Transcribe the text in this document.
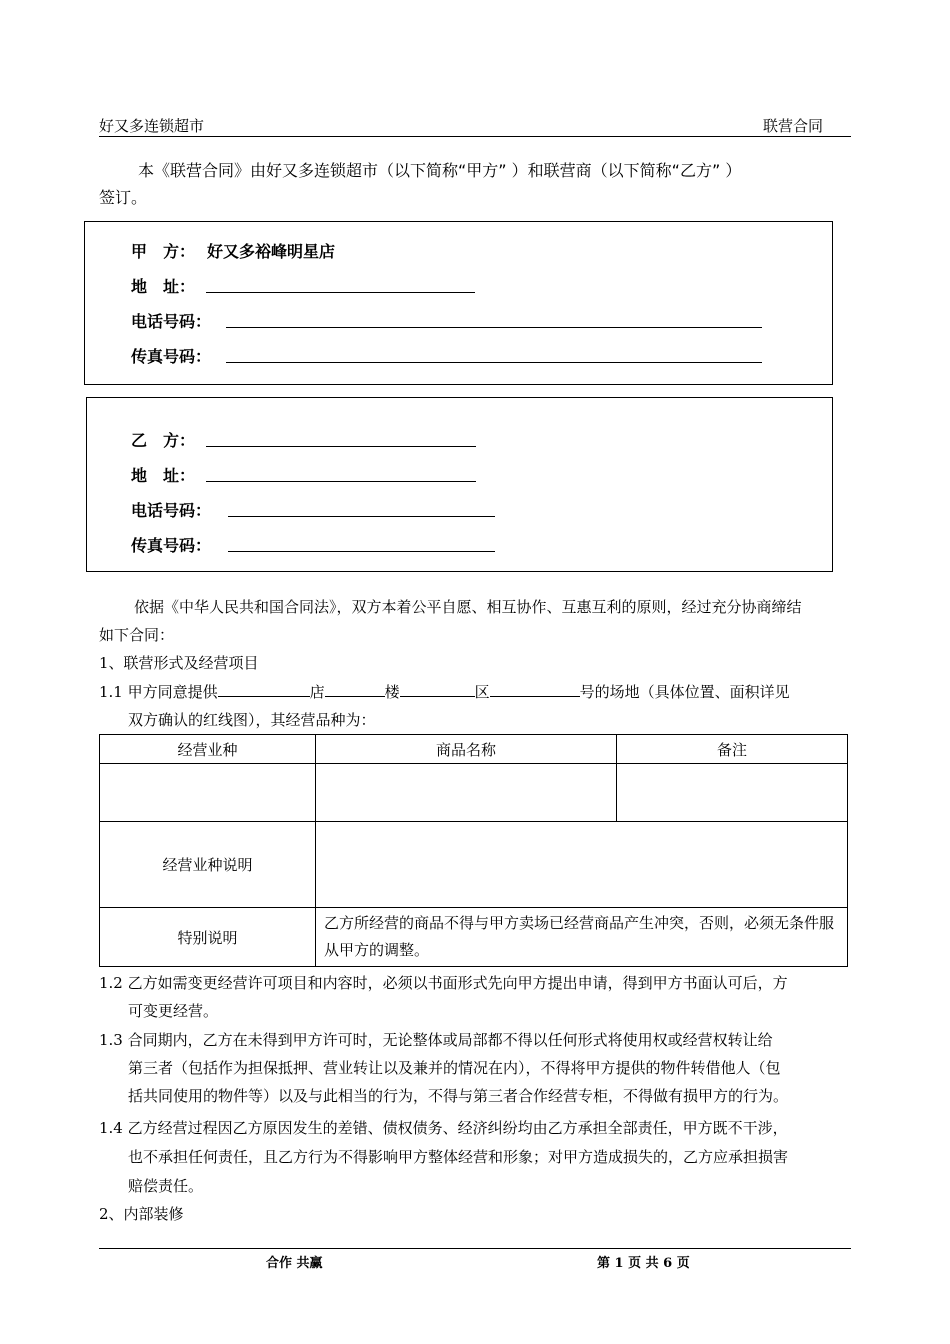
好又多连锁超市	联营合同
本《联营合同》由好又多连锁超市（以下简称“甲方” ）和联营商（以下简称“乙方” ）
签订。
甲　方： 好又多裕峰明星店
地　址：
电话号码：
传真号码：
乙　方：
地　址：
电话号码：
传真号码：
依据《中华人民共和国合同法》，双方本着公平自愿、相互协作、互惠互利的原则，经过充分协商缔结
如下合同：
1、联营形式及经营项目
1.1 甲方同意提供	店	楼	区	号的场地（具体位置、面积详见
双方确认的红线图），其经营品种为：
经营业种	商品名称	备注

经营业种说明		
特别说明	乙方所经营的商品不得与甲方卖场已经营商品产生冲突，否则，必须无条件服从甲方的调整。	
1.2 乙方如需变更经营许可项目和内容时，必须以书面形式先向甲方提出申请，得到甲方书面认可后，方
可变更经营。
1.3 合同期内，乙方在未得到甲方许可时，无论整体或局部都不得以任何形式将使用权或经营权转让给
第三者（包括作为担保抵押、营业转让以及兼并的情况在内），不得将甲方提供的物件转借他人（包
括共同使用的物件等）以及与此相当的行为，不得与第三者合作经营专柜，不得做有损甲方的行为。
1.4 乙方经营过程因乙方原因发生的差错、债权债务、经济纠纷均由乙方承担全部责任，甲方既不干涉，
也不承担任何责任，且乙方行为不得影响甲方整体经营和形象；对甲方造成损失的，乙方应承担损害
赔偿责任。
2、内部装修
合作 共赢	第 1 页 共 6 页
